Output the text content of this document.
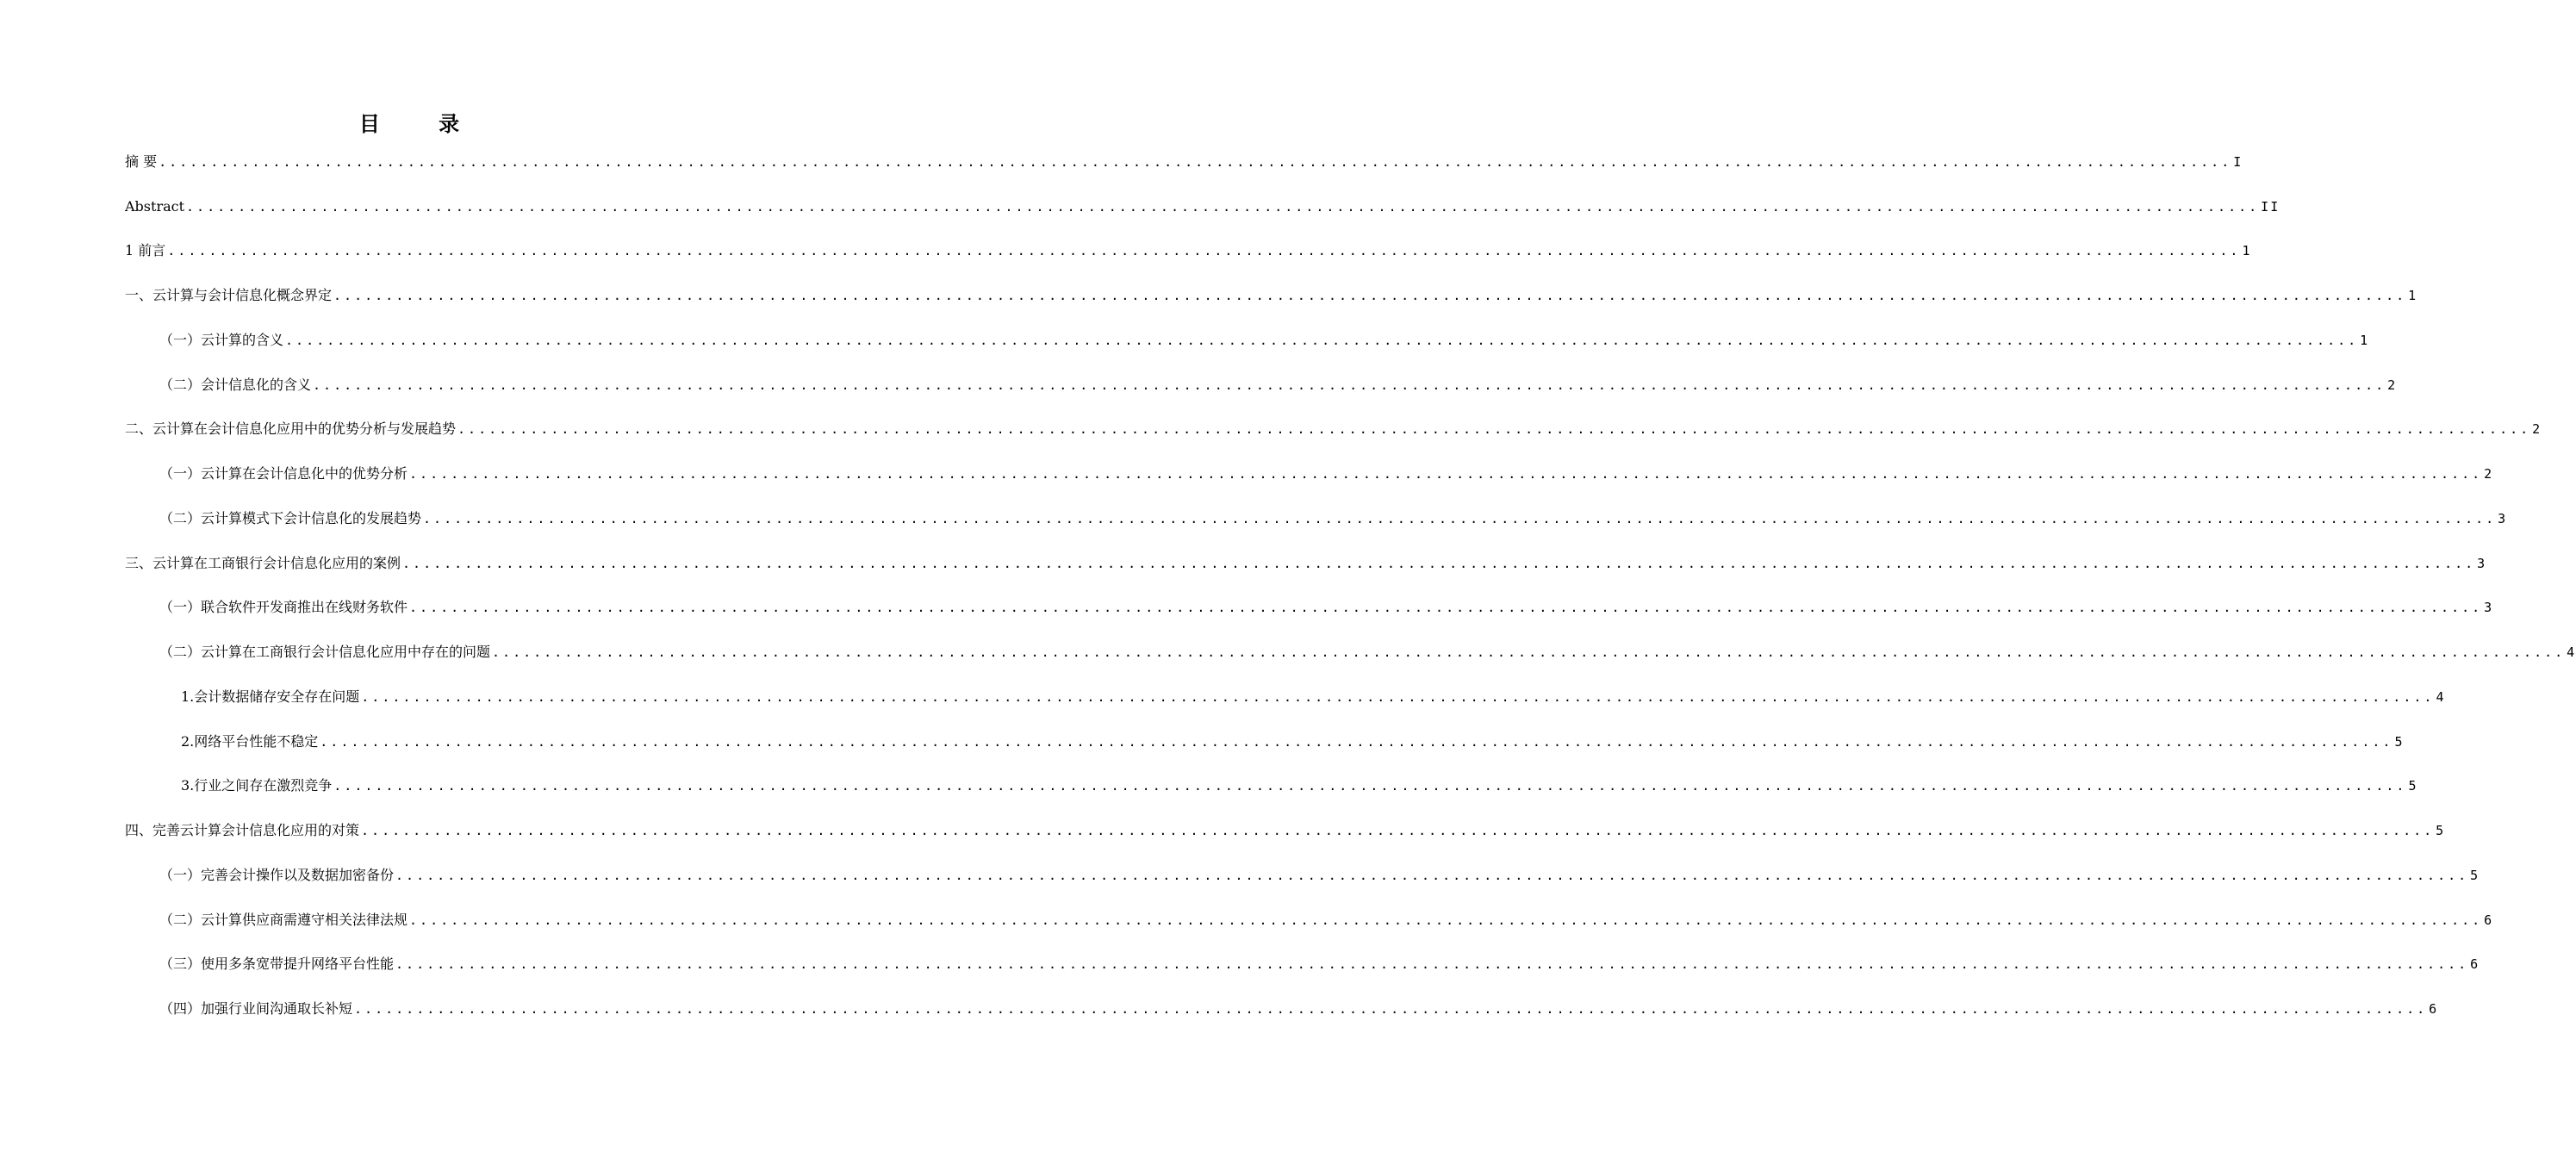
目 录
摘 要 ........................................................................................................................................................................................................ I
Abstract ........................................................................................................................................................................................................ II
1 前言 ........................................................................................................................................................................................................ 1
一、云计算与会计信息化概念界定 ........................................................................................................................................................................................................ 1
（一）云计算的含义 ........................................................................................................................................................................................................ 1
（二）会计信息化的含义 ........................................................................................................................................................................................................ 2
二、云计算在会计信息化应用中的优势分析与发展趋势 ........................................................................................................................................................................................................ 2
（一）云计算在会计信息化中的优势分析 ........................................................................................................................................................................................................ 2
（二）云计算模式下会计信息化的发展趋势 ........................................................................................................................................................................................................ 3
三、云计算在工商银行会计信息化应用的案例 ........................................................................................................................................................................................................ 3
（一）联合软件开发商推出在线财务软件 ........................................................................................................................................................................................................ 3
（二）云计算在工商银行会计信息化应用中存在的问题 ........................................................................................................................................................................................................ 4
1.会计数据储存安全存在问题 ........................................................................................................................................................................................................ 4
2.网络平台性能不稳定 ........................................................................................................................................................................................................ 5
3.行业之间存在激烈竞争 ........................................................................................................................................................................................................ 5
四、完善云计算会计信息化应用的对策 ........................................................................................................................................................................................................ 5
（一）完善会计操作以及数据加密备份 ........................................................................................................................................................................................................ 5
（二）云计算供应商需遵守相关法律法规 ........................................................................................................................................................................................................ 6
（三）使用多条宽带提升网络平台性能 ........................................................................................................................................................................................................ 6
（四）加强行业间沟通取长补短 ........................................................................................................................................................................................................ 6
